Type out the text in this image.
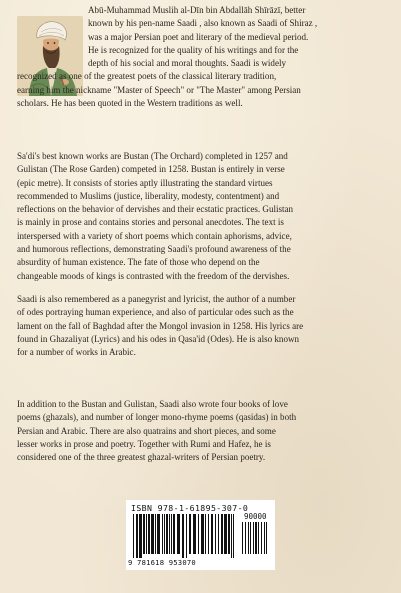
Abū-Muhammad Muslih al-Dīn bin Abdallāh Shīrāzī, better
known by his pen-name Saadi , also known as Saadi of Shiraz ,
was a major Persian poet and literary of the medieval period.
He is recognized for the quality of his writings and for the
depth of his social and moral thoughts. Saadi is widely
recognized as one of the greatest poets of the classical literary tradition,
earning him the nickname "Master of Speech" or "The Master" among Persian
scholars. He has been quoted in the Western traditions as well.
Sa'di's best known works are Bustan (The Orchard) completed in 1257 and
Gulistan (The Rose Garden) competed in 1258. Bustan is entirely in verse
(epic metre). It consists of stories aptly illustrating the standard virtues
recommended to Muslims (justice, liberality, modesty, contentment) and
reflections on the behavior of dervishes and their ecstatic practices. Gulistan
is mainly in prose and contains stories and personal anecdotes. The text is
interspersed with a variety of short poems which contain aphorisms, advice,
and humorous reflections, demonstrating Saadi's profound awareness of the
absurdity of human existence. The fate of those who depend on the
changeable moods of kings is contrasted with the freedom of the dervishes.
Saadi is also remembered as a panegyrist and lyricist, the author of a number
of odes portraying human experience, and also of particular odes such as the
lament on the fall of Baghdad after the Mongol invasion in 1258. His lyrics are
found in Ghazaliyat (Lyrics) and his odes in Qasa'id (Odes). He is also known
for a number of works in Arabic.
In addition to the Bustan and Gulistan, Saadi also wrote four books of love
poems (ghazals), and number of longer mono-rhyme poems (qasidas) in both
Persian and Arabic. There are also quatrains and short pieces, and some
lesser works in prose and poetry. Together with Rumi and Hafez, he is
considered one of the three greatest ghazal-writers of Persian poetry.
ISBN 978-1-61895-307-0
9 781618 953070
90000
